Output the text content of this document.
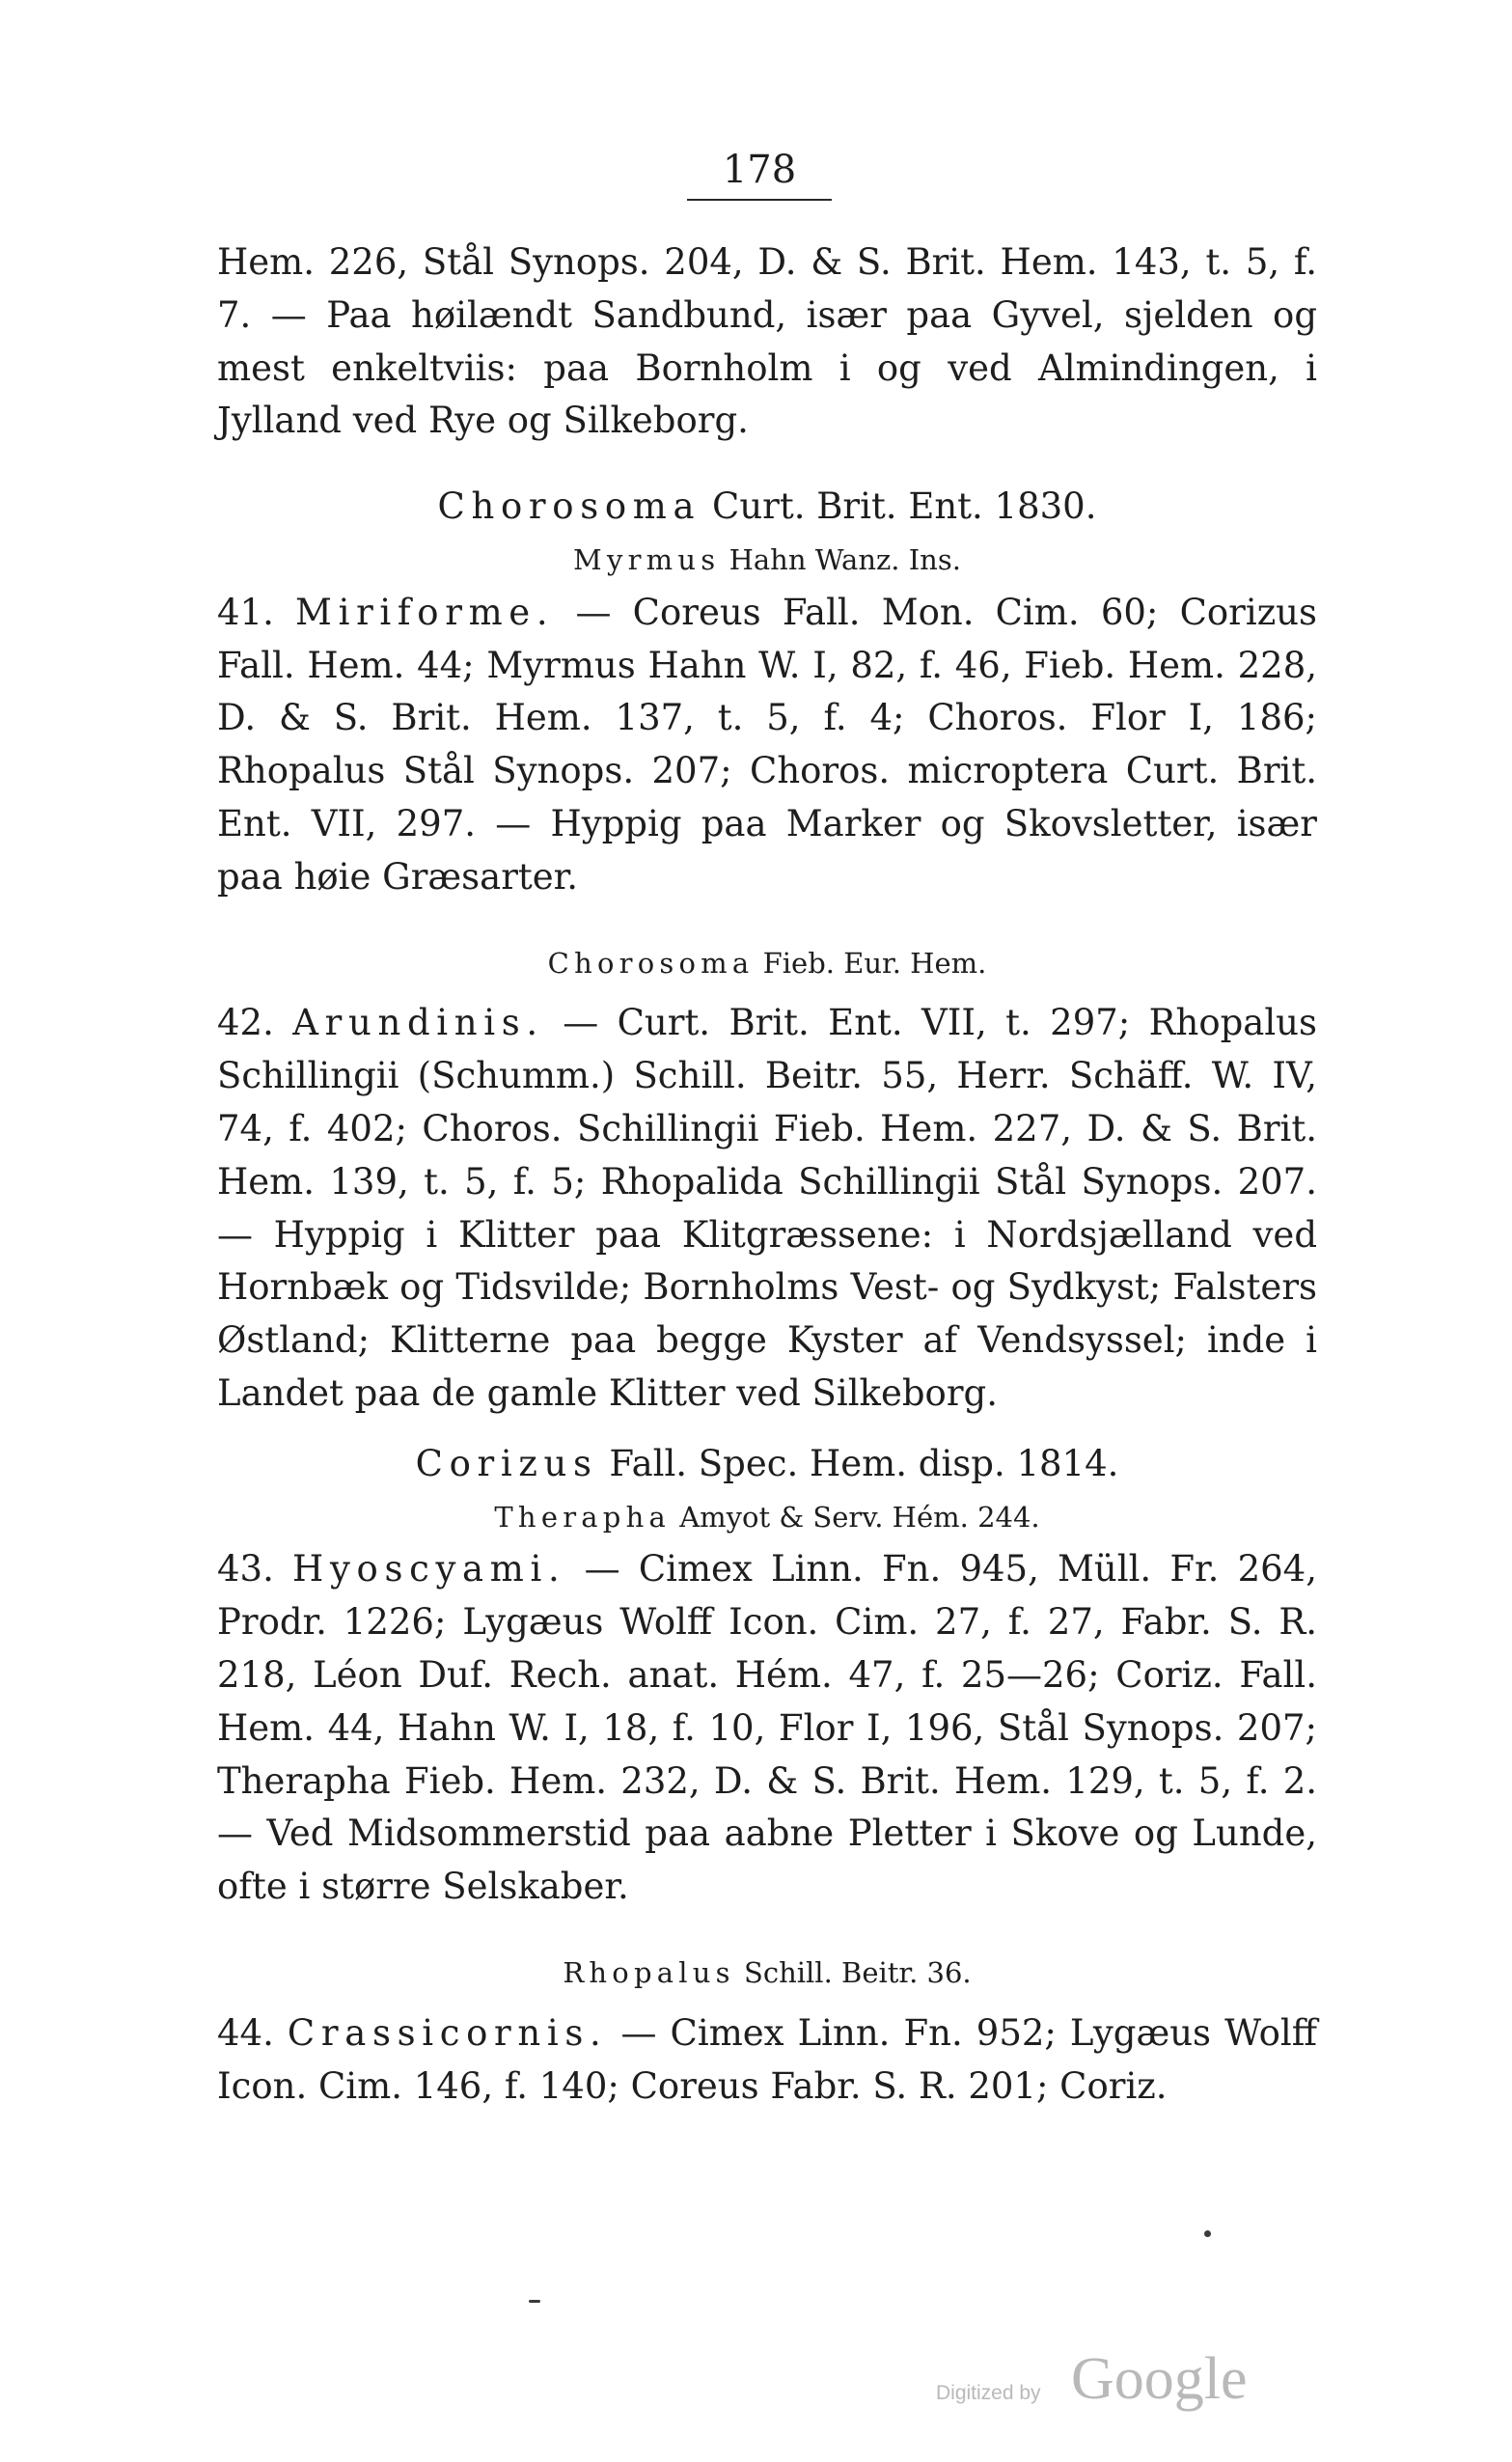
178

Hem. 226, Stål Synops. 204, D. & S. Brit. Hem. 143, t. 5, f. 7. — Paa høilændt Sandbund, især paa Gyvel, sjelden og mest enkeltviis: paa Bornholm i og ved Almindingen, i Jylland ved Rye og Silkeborg.

Chorosoma Curt. Brit. Ent. 1830.

Myrmus Hahn Wanz. Ins.

41. Miriforme. — Coreus Fall. Mon. Cim. 60; Corizus Fall. Hem. 44; Myrmus Hahn W. I, 82, f. 46, Fieb. Hem. 228, D. & S. Brit. Hem. 137, t. 5, f. 4; Choros. Flor I, 186; Rhopalus Stål Synops. 207; Choros. microptera Curt. Brit. Ent. VII, 297. — Hyppig paa Marker og Skovsletter, især paa høie Græsarter.

Chorosoma Fieb. Eur. Hem.

42. Arundinis. — Curt. Brit. Ent. VII, t. 297; Rhopalus Schillingii (Schumm.) Schill. Beitr. 55, Herr. Schäff. W. IV, 74, f. 402; Choros. Schillingii Fieb. Hem. 227, D. & S. Brit. Hem. 139, t. 5, f. 5; Rhopalida Schillingii Stål Synops. 207. — Hyppig i Klitter paa Klitgræssene: i Nordsjælland ved Hornbæk og Tidsvilde; Bornholms Vest- og Sydkyst; Falsters Østland; Klitterne paa begge Kyster af Vendsyssel; inde i Landet paa de gamle Klitter ved Silkeborg.

Corizus Fall. Spec. Hem. disp. 1814.

Therapha Amyot & Serv. Hém. 244.

43. Hyoscyami. — Cimex Linn. Fn. 945, Müll. Fr. 264, Prodr. 1226; Lygæus Wolff Icon. Cim. 27, f. 27, Fabr. S. R. 218, Léon Duf. Rech. anat. Hém. 47, f. 25—26; Coriz. Fall. Hem. 44, Hahn W. I, 18, f. 10, Flor I, 196, Stål Synops. 207; Therapha Fieb. Hem. 232, D. & S. Brit. Hem. 129, t. 5, f. 2. — Ved Midsommerstid paa aabne Pletter i Skove og Lunde, ofte i større Selskaber.

Rhopalus Schill. Beitr. 36.

44. Crassicornis. — Cimex Linn. Fn. 952; Lygæus Wolff Icon. Cim. 146, f. 140; Coreus Fabr. S. R. 201; Coriz.

Digitized by Google
